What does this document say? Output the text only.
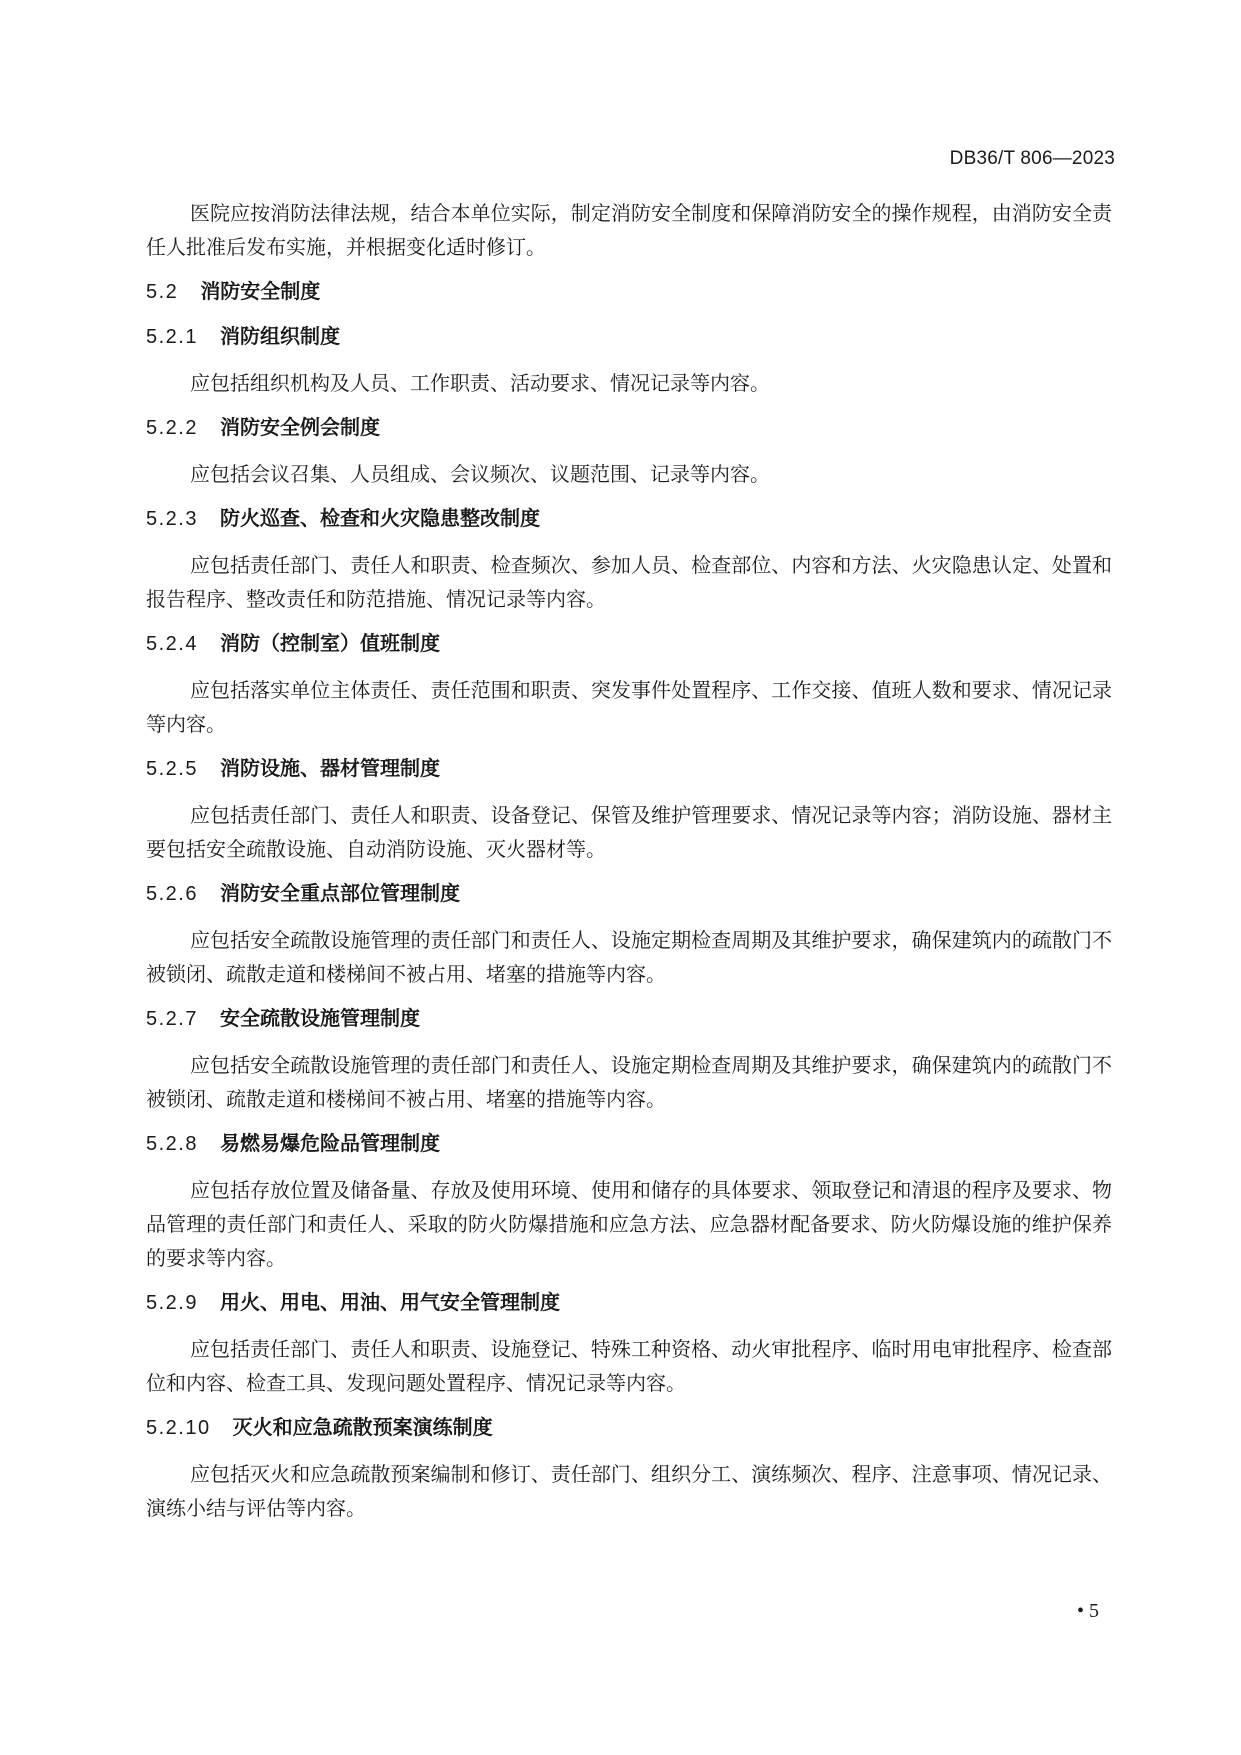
DB36/T 806—2023

医院应按消防法律法规，结合本单位实际，制定消防安全制度和保障消防安全的操作规程，由消防安全责任人批准后发布实施，并根据变化适时修订。

5.2 消防安全制度
5.2.1 消防组织制度

应包括组织机构及人员、工作职责、活动要求、情况记录等内容。

5.2.2 消防安全例会制度

应包括会议召集、人员组成、会议频次、议题范围、记录等内容。

5.2.3 防火巡查、检查和火灾隐患整改制度

应包括责任部门、责任人和职责、检查频次、参加人员、检查部位、内容和方法、火灾隐患认定、处置和报告程序、整改责任和防范措施、情况记录等内容。

5.2.4 消防（控制室）值班制度

应包括落实单位主体责任、责任范围和职责、突发事件处置程序、工作交接、值班人数和要求、情况记录等内容。

5.2.5 消防设施、器材管理制度

应包括责任部门、责任人和职责、设备登记、保管及维护管理要求、情况记录等内容；消防设施、器材主要包括安全疏散设施、自动消防设施、灭火器材等。

5.2.6 消防安全重点部位管理制度

应包括安全疏散设施管理的责任部门和责任人、设施定期检查周期及其维护要求，确保建筑内的疏散门不被锁闭、疏散走道和楼梯间不被占用、堵塞的措施等内容。

5.2.7 安全疏散设施管理制度

应包括安全疏散设施管理的责任部门和责任人、设施定期检查周期及其维护要求，确保建筑内的疏散门不被锁闭、疏散走道和楼梯间不被占用、堵塞的措施等内容。

5.2.8 易燃易爆危险品管理制度

应包括存放位置及储备量、存放及使用环境、使用和储存的具体要求、领取登记和清退的程序及要求、物品管理的责任部门和责任人、采取的防火防爆措施和应急方法、应急器材配备要求、防火防爆设施的维护保养的要求等内容。

5.2.9 用火、用电、用油、用气安全管理制度

应包括责任部门、责任人和职责、设施登记、特殊工种资格、动火审批程序、临时用电审批程序、检查部位和内容、检查工具、发现问题处置程序、情况记录等内容。

5.2.10 灭火和应急疏散预案演练制度

应包括灭火和应急疏散预案编制和修订、责任部门、组织分工、演练频次、程序、注意事项、情况记录、演练小结与评估等内容。

• 5
